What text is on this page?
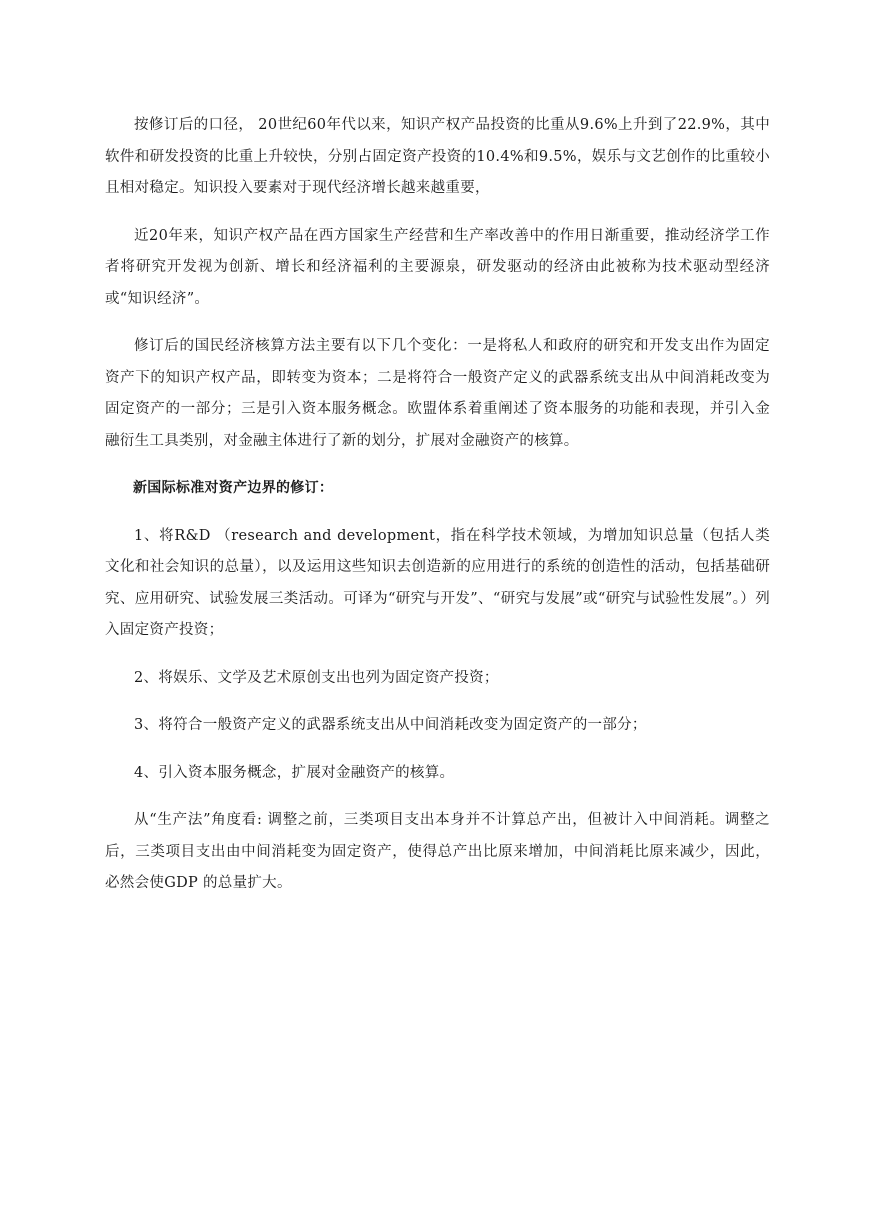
按修订后的口径， 20世纪60年代以来，知识产权产品投资的比重从9.6%上升到了22.9%，其中软件和研发投资的比重上升较快，分别占固定资产投资的10.4%和9.5%，娱乐与文艺创作的比重较小且相对稳定。知识投入要素对于现代经济增长越来越重要，

近20年来，知识产权产品在西方国家生产经营和生产率改善中的作用日渐重要，推动经济学工作者将研究开发视为创新、增长和经济福利的主要源泉，研发驱动的经济由此被称为技术驱动型经济或“知识经济”。

修订后的国民经济核算方法主要有以下几个变化：一是将私人和政府的研究和开发支出作为固定资产下的知识产权产品，即转变为资本；二是将符合一般资产定义的武器系统支出从中间消耗改变为固定资产的一部分；三是引入资本服务概念。欧盟体系着重阐述了资本服务的功能和表现，并引入金融衍生工具类别，对金融主体进行了新的划分，扩展对金融资产的核算。

新国际标准对资产边界的修订：

1、将R&D （research and development，指在科学技术领域，为增加知识总量（包括人类文化和社会知识的总量），以及运用这些知识去创造新的应用进行的系统的创造性的活动，包括基础研究、应用研究、试验发展三类活动。可译为“研究与开发”、“研究与发展”或“研究与试验性发展”。）列入固定资产投资；

2、将娱乐、文学及艺术原创支出也列为固定资产投资；

3、将符合一般资产定义的武器系统支出从中间消耗改变为固定资产的一部分；

4、引入资本服务概念，扩展对金融资产的核算。

从“生产法”角度看: 调整之前，三类项目支出本身并不计算总产出，但被计入中间消耗。调整之后，三类项目支出由中间消耗变为固定资产，使得总产出比原来增加，中间消耗比原来减少，因此，必然会使GDP 的总量扩大。
